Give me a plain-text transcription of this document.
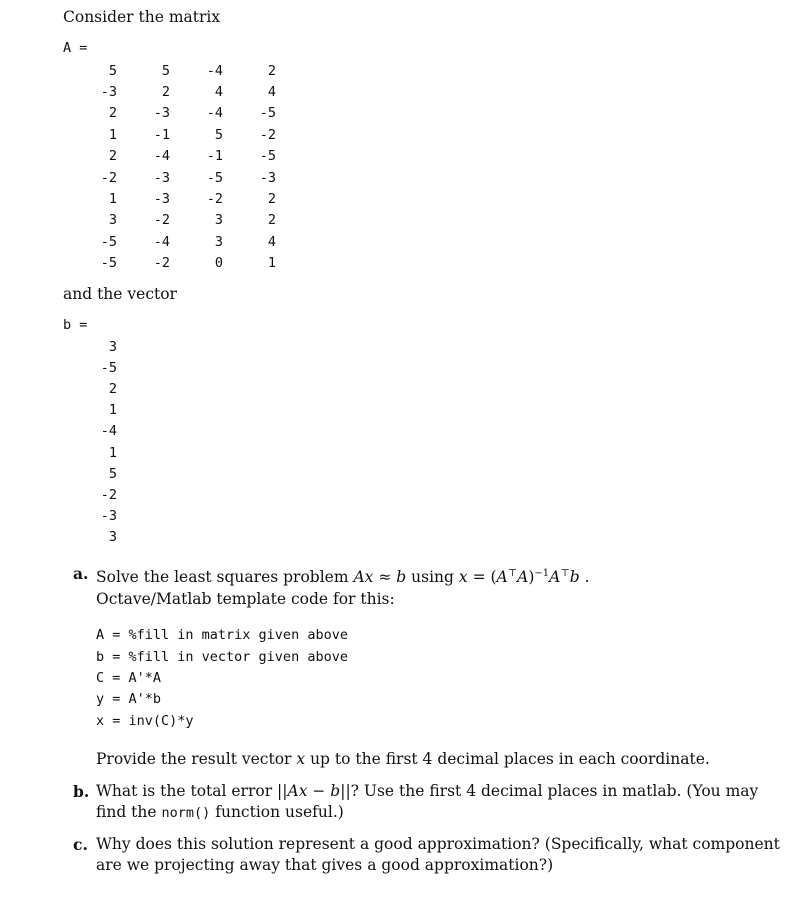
Consider the matrix
A =
5	5	-4	2
-3	2	4	4
2	-3	-4	-5
1	-1	5	-2
2	-4	-1	-5
-2	-3	-5	-3
1	-3	-2	2
3	-2	3	2
-5	-4	3	4
-5	-2	0	1
and the vector
b =
3
-5
2
1
-4
1
5
-2
-3
3
a. Solve the least squares problem Ax ≈ b using $x = (A^⊤A)^{-1}A^⊤b$ .
Octave/Matlab template code for this:
A = %fill in matrix given above
b = %fill in vector given above
C = A'*A
y = A'*b
x = inv(C)*y
Provide the result vector x up to the first 4 decimal places in each coordinate.
b. What is the total error ||Ax − b||? Use the first 4 decimal places in matlab. (You may
find the norm() function useful.)
c. Why does this solution represent a good approximation? (Specifically, what component
are we projecting away that gives a good approximation?)
